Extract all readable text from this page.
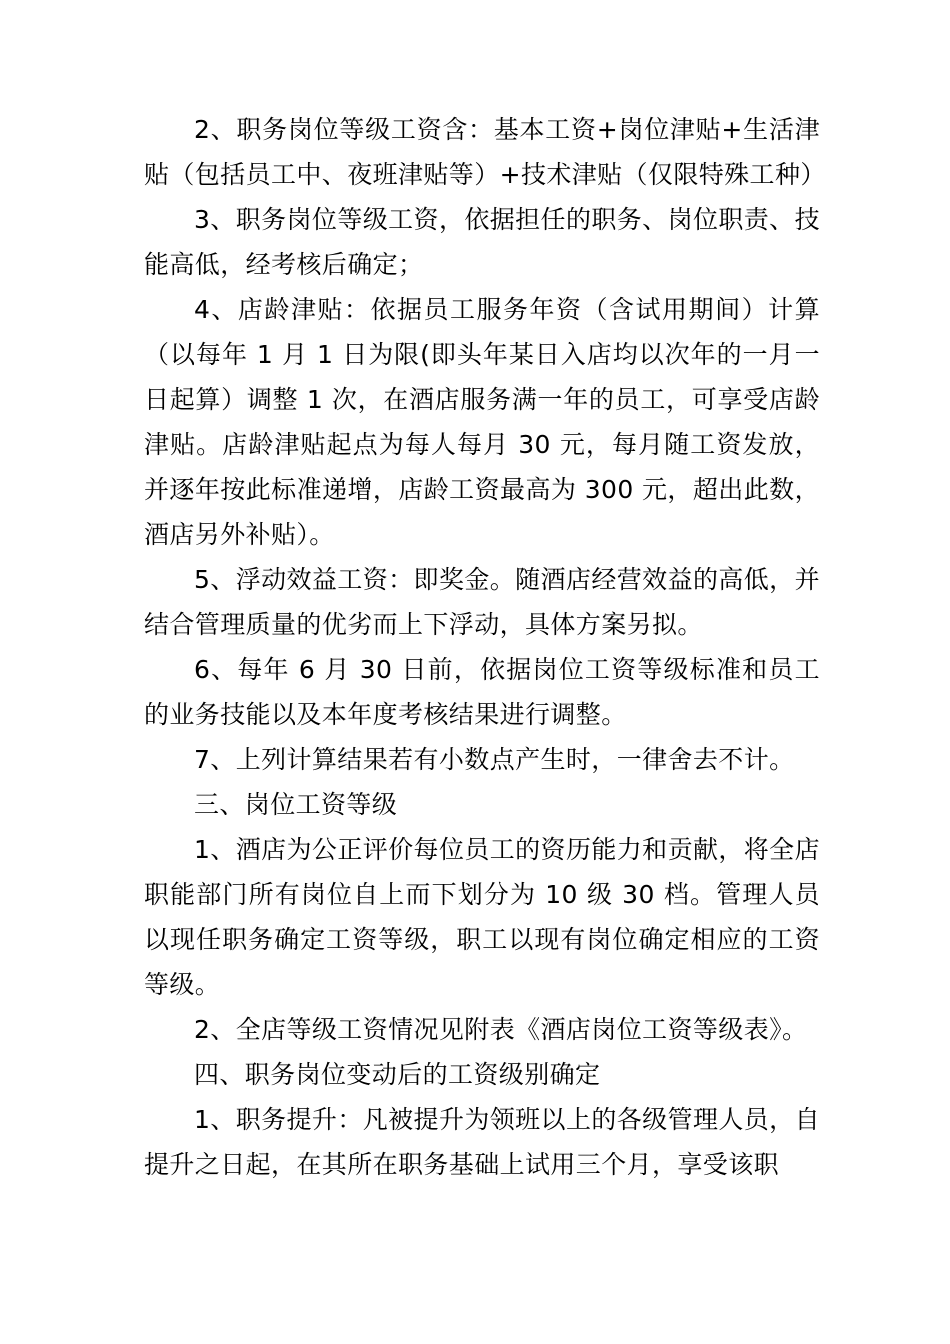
2、职务岗位等级工资含：基本工资+岗位津贴+生活津贴（包括员工中、夜班津贴等）+技术津贴（仅限特殊工种）

3、职务岗位等级工资，依据担任的职务、岗位职责、技能高低，经考核后确定；

4、店龄津贴：依据员工服务年资（含试用期间）计算（以每年 1 月 1 日为限(即头年某日入店均以次年的一月一日起算）调整 1 次，在酒店服务满一年的员工，可享受店龄津贴。店龄津贴起点为每人每月 30 元，每月随工资发放，并逐年按此标准递增，店龄工资最高为 300 元，超出此数，酒店另外补贴）。

5、浮动效益工资：即奖金。随酒店经营效益的高低，并结合管理质量的优劣而上下浮动，具体方案另拟。

6、每年 6 月 30 日前，依据岗位工资等级标准和员工的业务技能以及本年度考核结果进行调整。

7、上列计算结果若有小数点产生时，一律舍去不计。

三、岗位工资等级

1、酒店为公正评价每位员工的资历能力和贡献，将全店职能部门所有岗位自上而下划分为 10 级 30 档。管理人员以现任职务确定工资等级，职工以现有岗位确定相应的工资等级。

2、全店等级工资情况见附表《酒店岗位工资等级表》。

四、职务岗位变动后的工资级别确定

1、职务提升：凡被提升为领班以上的各级管理人员，自提升之日起，在其所在职务基础上试用三个月，享受该职
